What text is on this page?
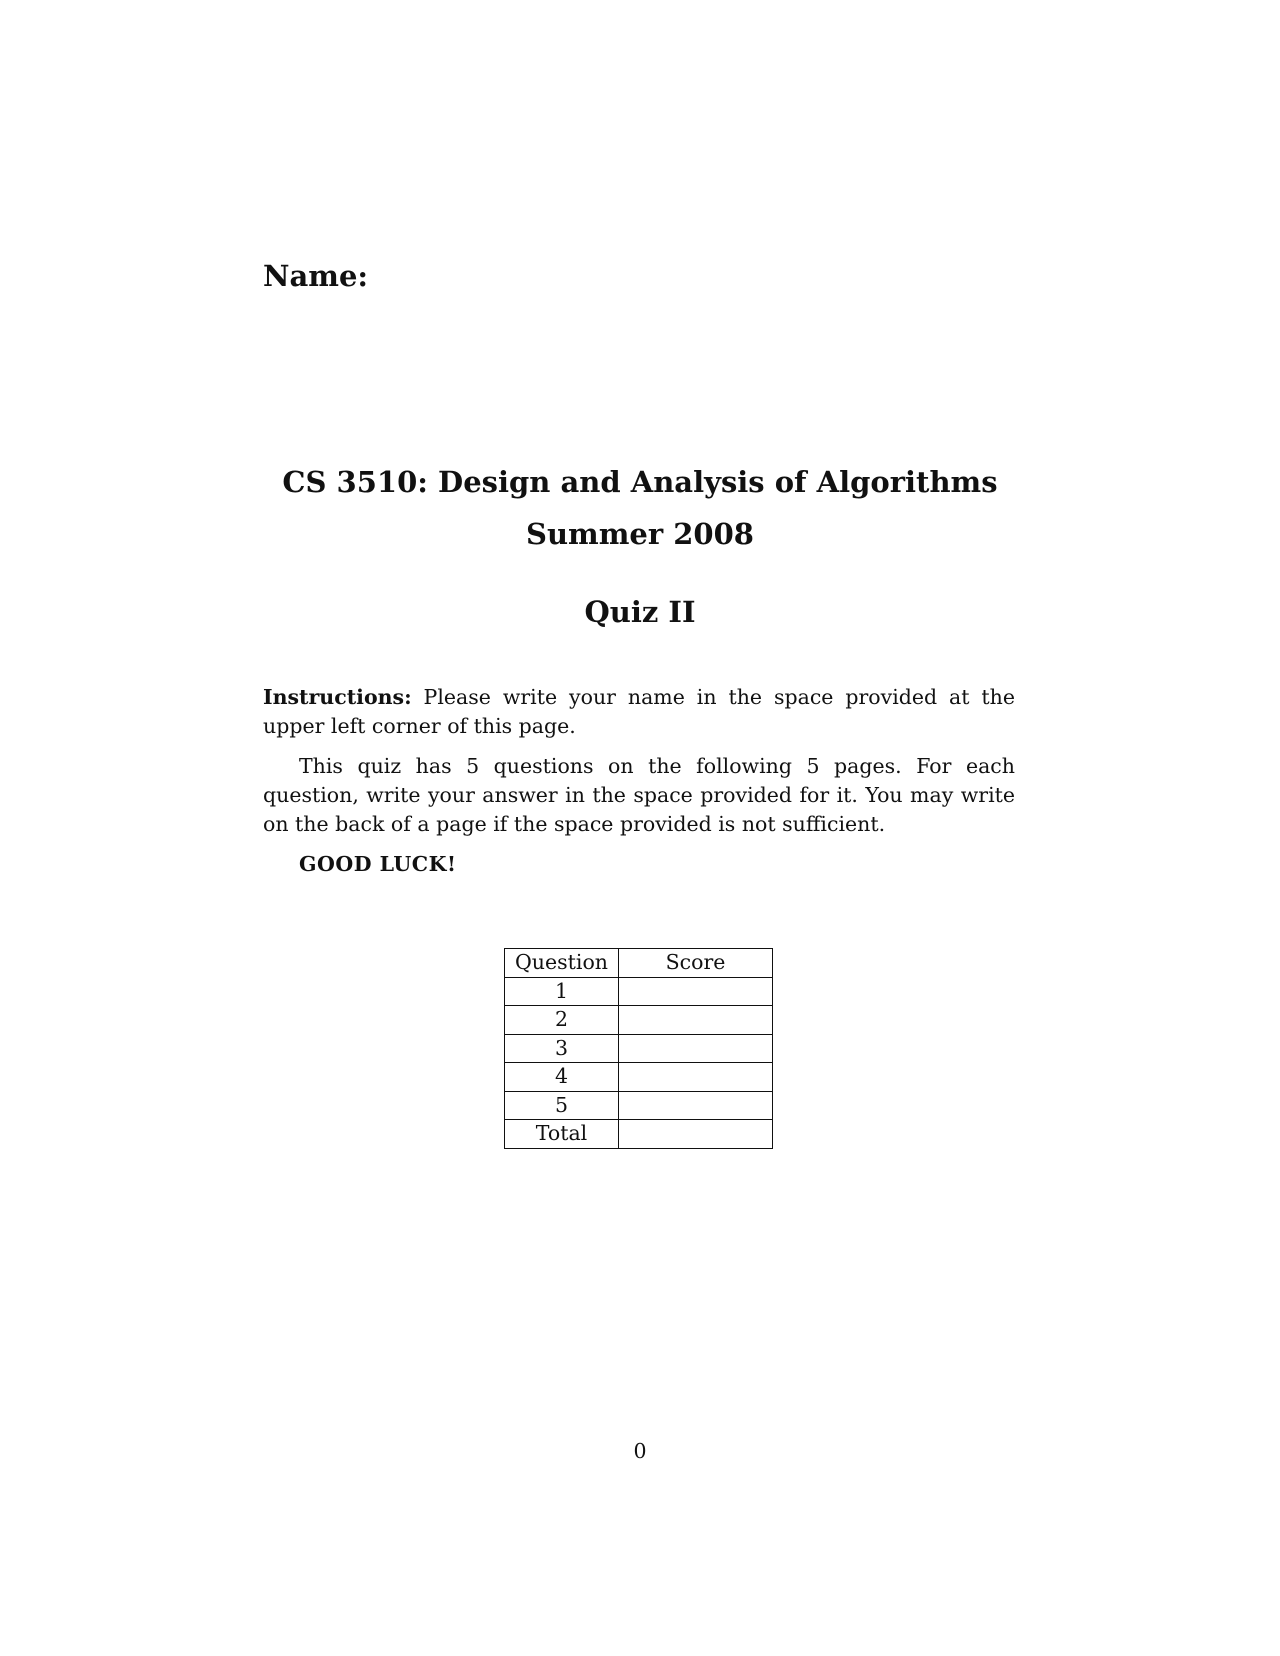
Name:
CS 3510: Design and Analysis of Algorithms
Summer 2008
Quiz II

Instructions: Please write your name in the space provided at the upper left corner of this page.

This quiz has 5 questions on the following 5 pages. For each question, write your answer in the space provided for it. You may write on the back of a page if the space provided is not sufficient.

GOOD LUCK!

Question	Score
1	
2	
3	
4	
5	
Total	
0
